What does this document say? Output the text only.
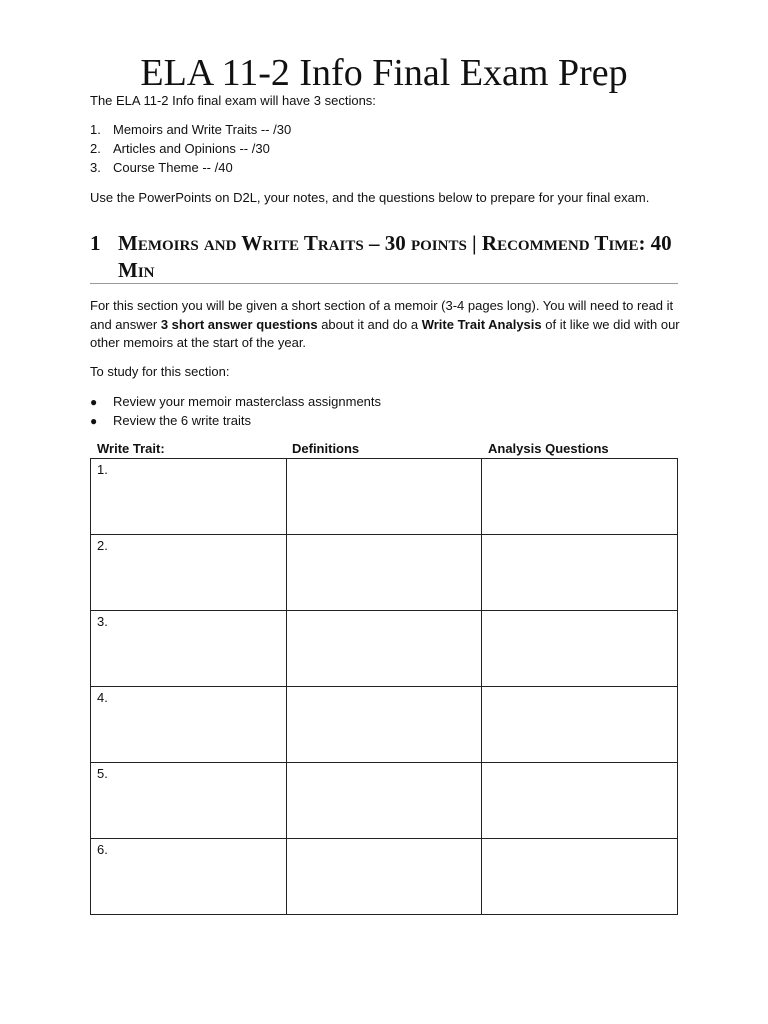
ELA 11-2 Info Final Exam Prep

The ELA 11-2 Info final exam will have 3 sections:

1. Memoirs and Write Traits -- /30
2. Articles and Opinions -- /30
3. Course Theme -- /40

Use the PowerPoints on D2L, your notes, and the questions below to prepare for your final exam.

1 Memoirs and Write Traits – 30 points | Recommend Time: 40 Min

For this section you will be given a short section of a memoir (3-4 pages long). You will need to read it and answer 3 short answer questions about it and do a Write Trait Analysis of it like we did with our other memoirs at the start of the year.

To study for this section:

● Review your memoir masterclass assignments
● Review the 6 write traits
Write Trait:	Definitions	Analysis Questions
1.		
2.		
3.		
4.		
5.		
6.		
